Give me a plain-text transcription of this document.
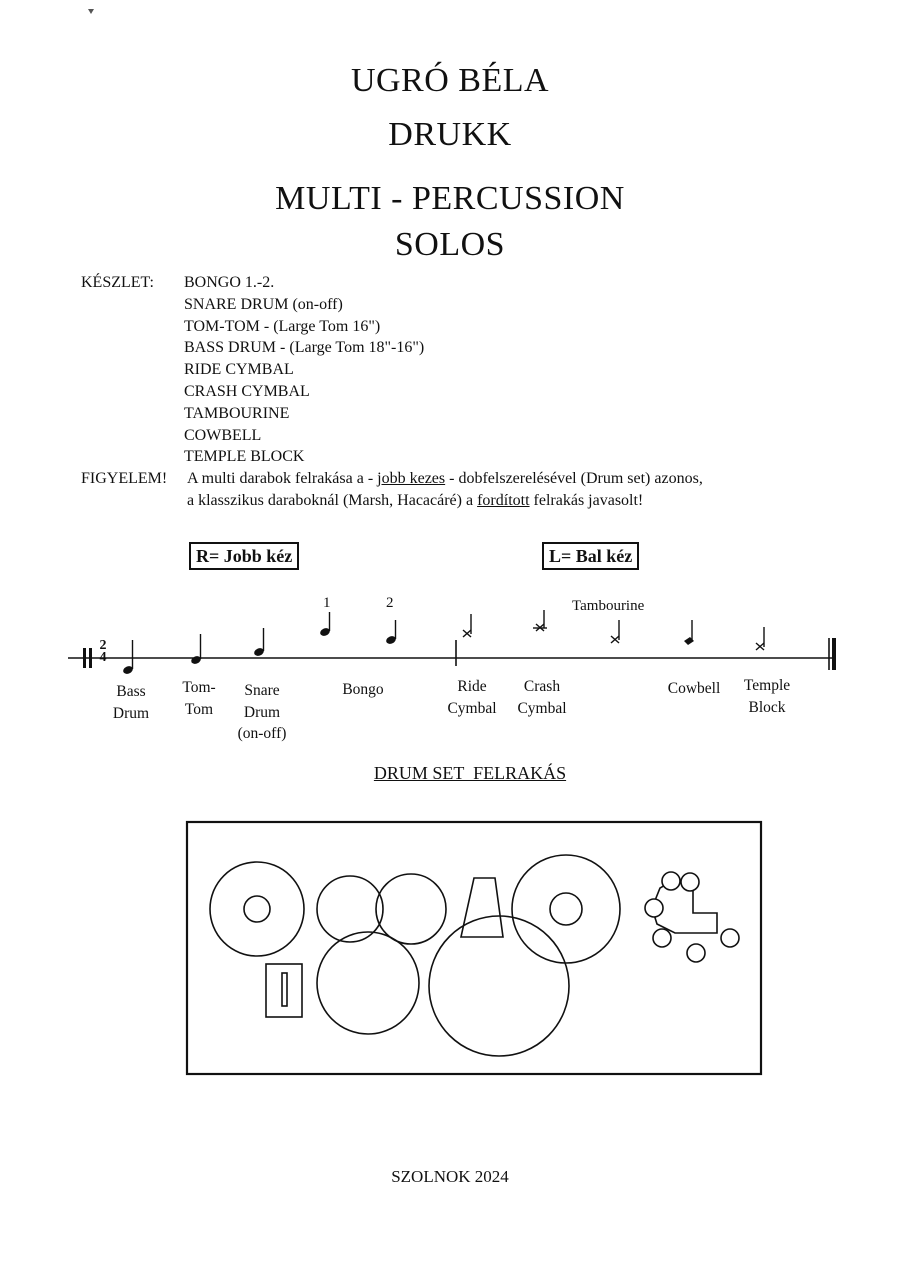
UGRÓ BÉLA
DRUKK
MULTI - PERCUSSION
SOLOS
KÉSZLET: BONGO 1.-2.
SNARE DRUM (on-off)
TOM-TOM - (Large Tom 16")
BASS DRUM - (Large Tom 18"-16")
RIDE CYMBAL
CRASH CYMBAL
TAMBOURINE
COWBELL
TEMPLE BLOCK
FIGYELEM! A multi darabok felrakása a - jobb kezes - dobfelszerelésével (Drum set) azonos,
a klasszikus daraboknál (Marsh, Hacacáré) a fordított felrakás javasolt!
R= Jobb kéz	L= Bal kéz
2
4
1	2	Tambourine
Bass
Drum
Tom-
Tom
Snare
Drum
(on-off)
Bongo	Ride
Cymbal
Crash
Cymbal
Cowbell Temple
Block
DRUM SET  FELRAKÁS
SZOLNOK 2024
